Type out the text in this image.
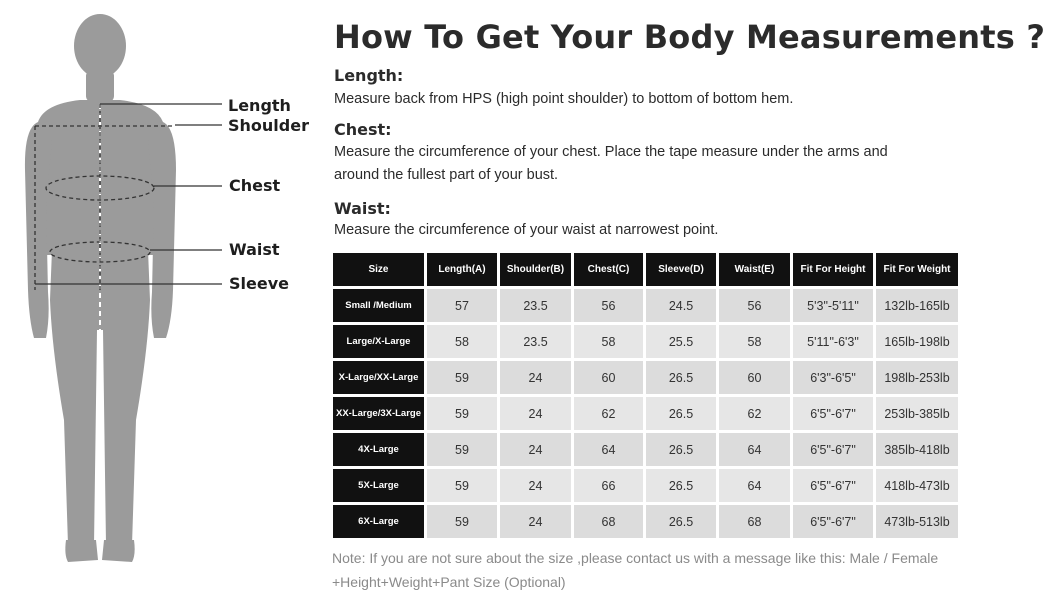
Length
Shoulder
Chest
Waist
Sleeve
How To Get Your Body Measurements ?
Length:
Measure back from HPS (high point shoulder) to bottom of bottom hem.
Chest:
Measure the circumference of your chest. Place the tape measure under the arms and around the fullest part of your bust.
Waist:
Measure the circumference of your waist at narrowest point.
Size	Length(A)	Shoulder(B)	Chest(C)	Sleeve(D)	Waist(E)	Fit For Height	Fit For Weight
Small /Medium	57	23.5	56	24.5	56	5'3"-5'11"	132lb-165lb
Large/X-Large	58	23.5	58	25.5	58	5'11"-6'3"	165lb-198lb
X-Large/XX-Large	59	24	60	26.5	60	6'3"-6'5"	198lb-253lb
XX-Large/3X-Large	59	24	62	26.5	62	6'5"-6'7"	253lb-385lb
4X-Large	59	24	64	26.5	64	6'5"-6'7"	385lb-418lb
5X-Large	59	24	66	26.5	64	6'5"-6'7"	418lb-473lb
6X-Large	59	24	68	26.5	68	6'5"-6'7"	473lb-513lb
Note: If you are not sure about the size ,please contact us with a message like this: Male / Female +Height+Weight+Pant Size (Optional)
